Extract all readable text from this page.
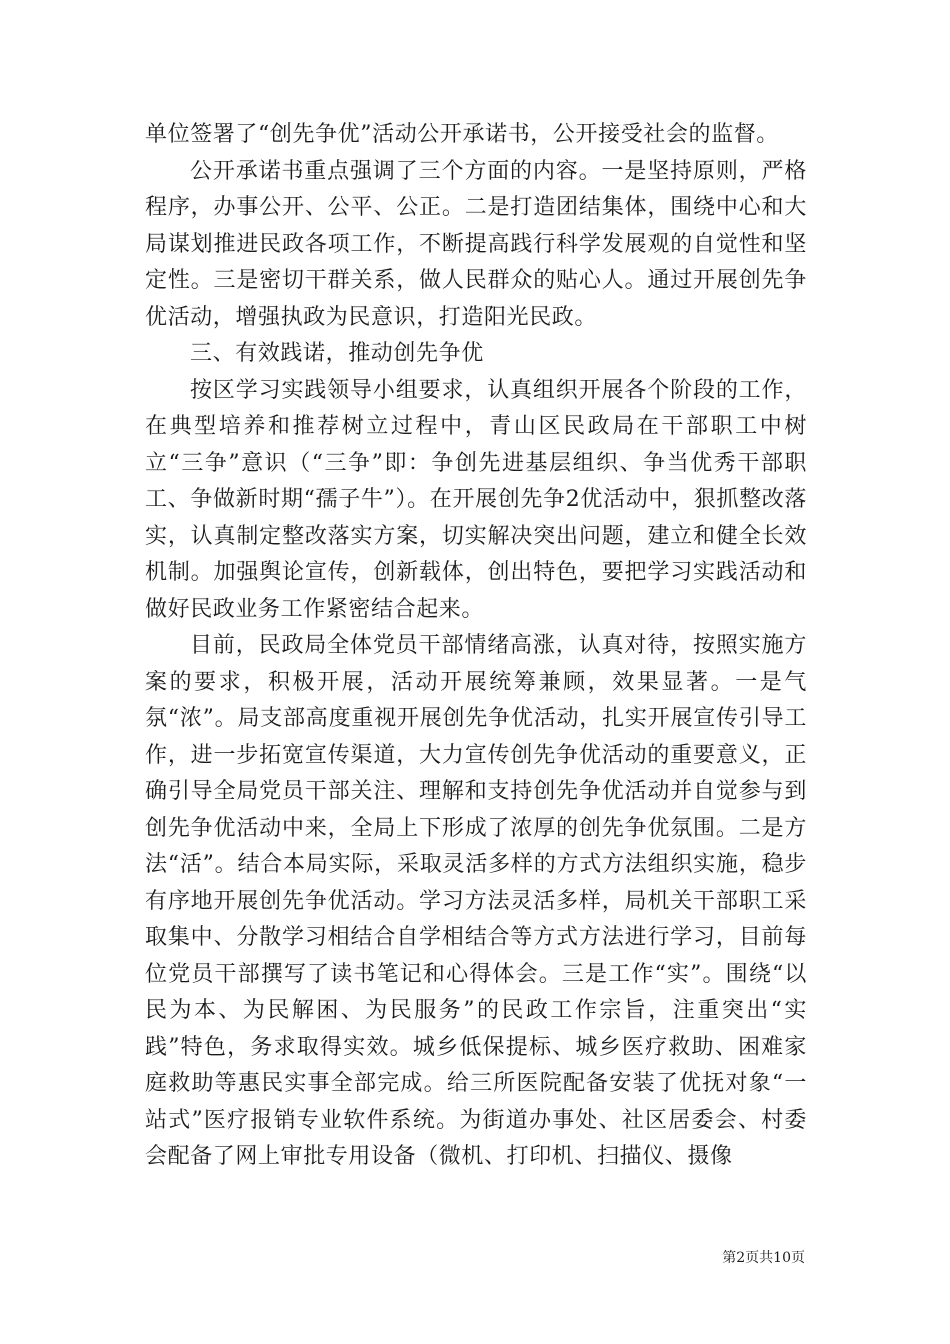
单位签署了“创先争优”活动公开承诺书，公开接受社会的监督。

公开承诺书重点强调了三个方面的内容。一是坚持原则，严格程序，办事公开、公平、公正。二是打造团结集体，围绕中心和大局谋划推进民政各项工作，不断提高践行科学发展观的自觉性和坚定性。三是密切干群关系，做人民群众的贴心人。通过开展创先争优活动，增强执政为民意识，打造阳光民政。

三、有效践诺，推动创先争优

按区学习实践领导小组要求，认真组织开展各个阶段的工作，在典型培养和推荐树立过程中，青山区民政局在干部职工中树立“三争”意识（“三争”即：争创先进基层组织、争当优秀干部职工、争做新时期“孺子牛”）。在开展创先争2优活动中，狠抓整改落实，认真制定整改落实方案，切实解决突出问题，建立和健全长效机制。加强舆论宣传，创新载体，创出特色，要把学习实践活动和做好民政业务工作紧密结合起来。

目前，民政局全体党员干部情绪高涨，认真对待，按照实施方案的要求，积极开展，活动开展统筹兼顾，效果显著。一是气氛“浓”。局支部高度重视开展创先争优活动，扎实开展宣传引导工作，进一步拓宽宣传渠道，大力宣传创先争优活动的重要意义，正确引导全局党员干部关注、理解和支持创先争优活动并自觉参与到创先争优活动中来，全局上下形成了浓厚的创先争优氛围。二是方法“活”。结合本局实际，采取灵活多样的方式方法组织实施，稳步有序地开展创先争优活动。学习方法灵活多样，局机关干部职工采取集中、分散学习相结合自学相结合等方式方法进行学习，目前每位党员干部撰写了读书笔记和心得体会。三是工作“实”。围绕“以民为本、为民解困、为民服务”的民政工作宗旨，注重突出“实践”特色，务求取得实效。城乡低保提标、城乡医疗救助、困难家庭救助等惠民实事全部完成。给三所医院配备安装了优抚对象“一站式”医疗报销专业软件系统。为街道办事处、社区居委会、村委会配备了网上审批专用设备（微机、打印机、扫描仪、摄像

第2页共10页
